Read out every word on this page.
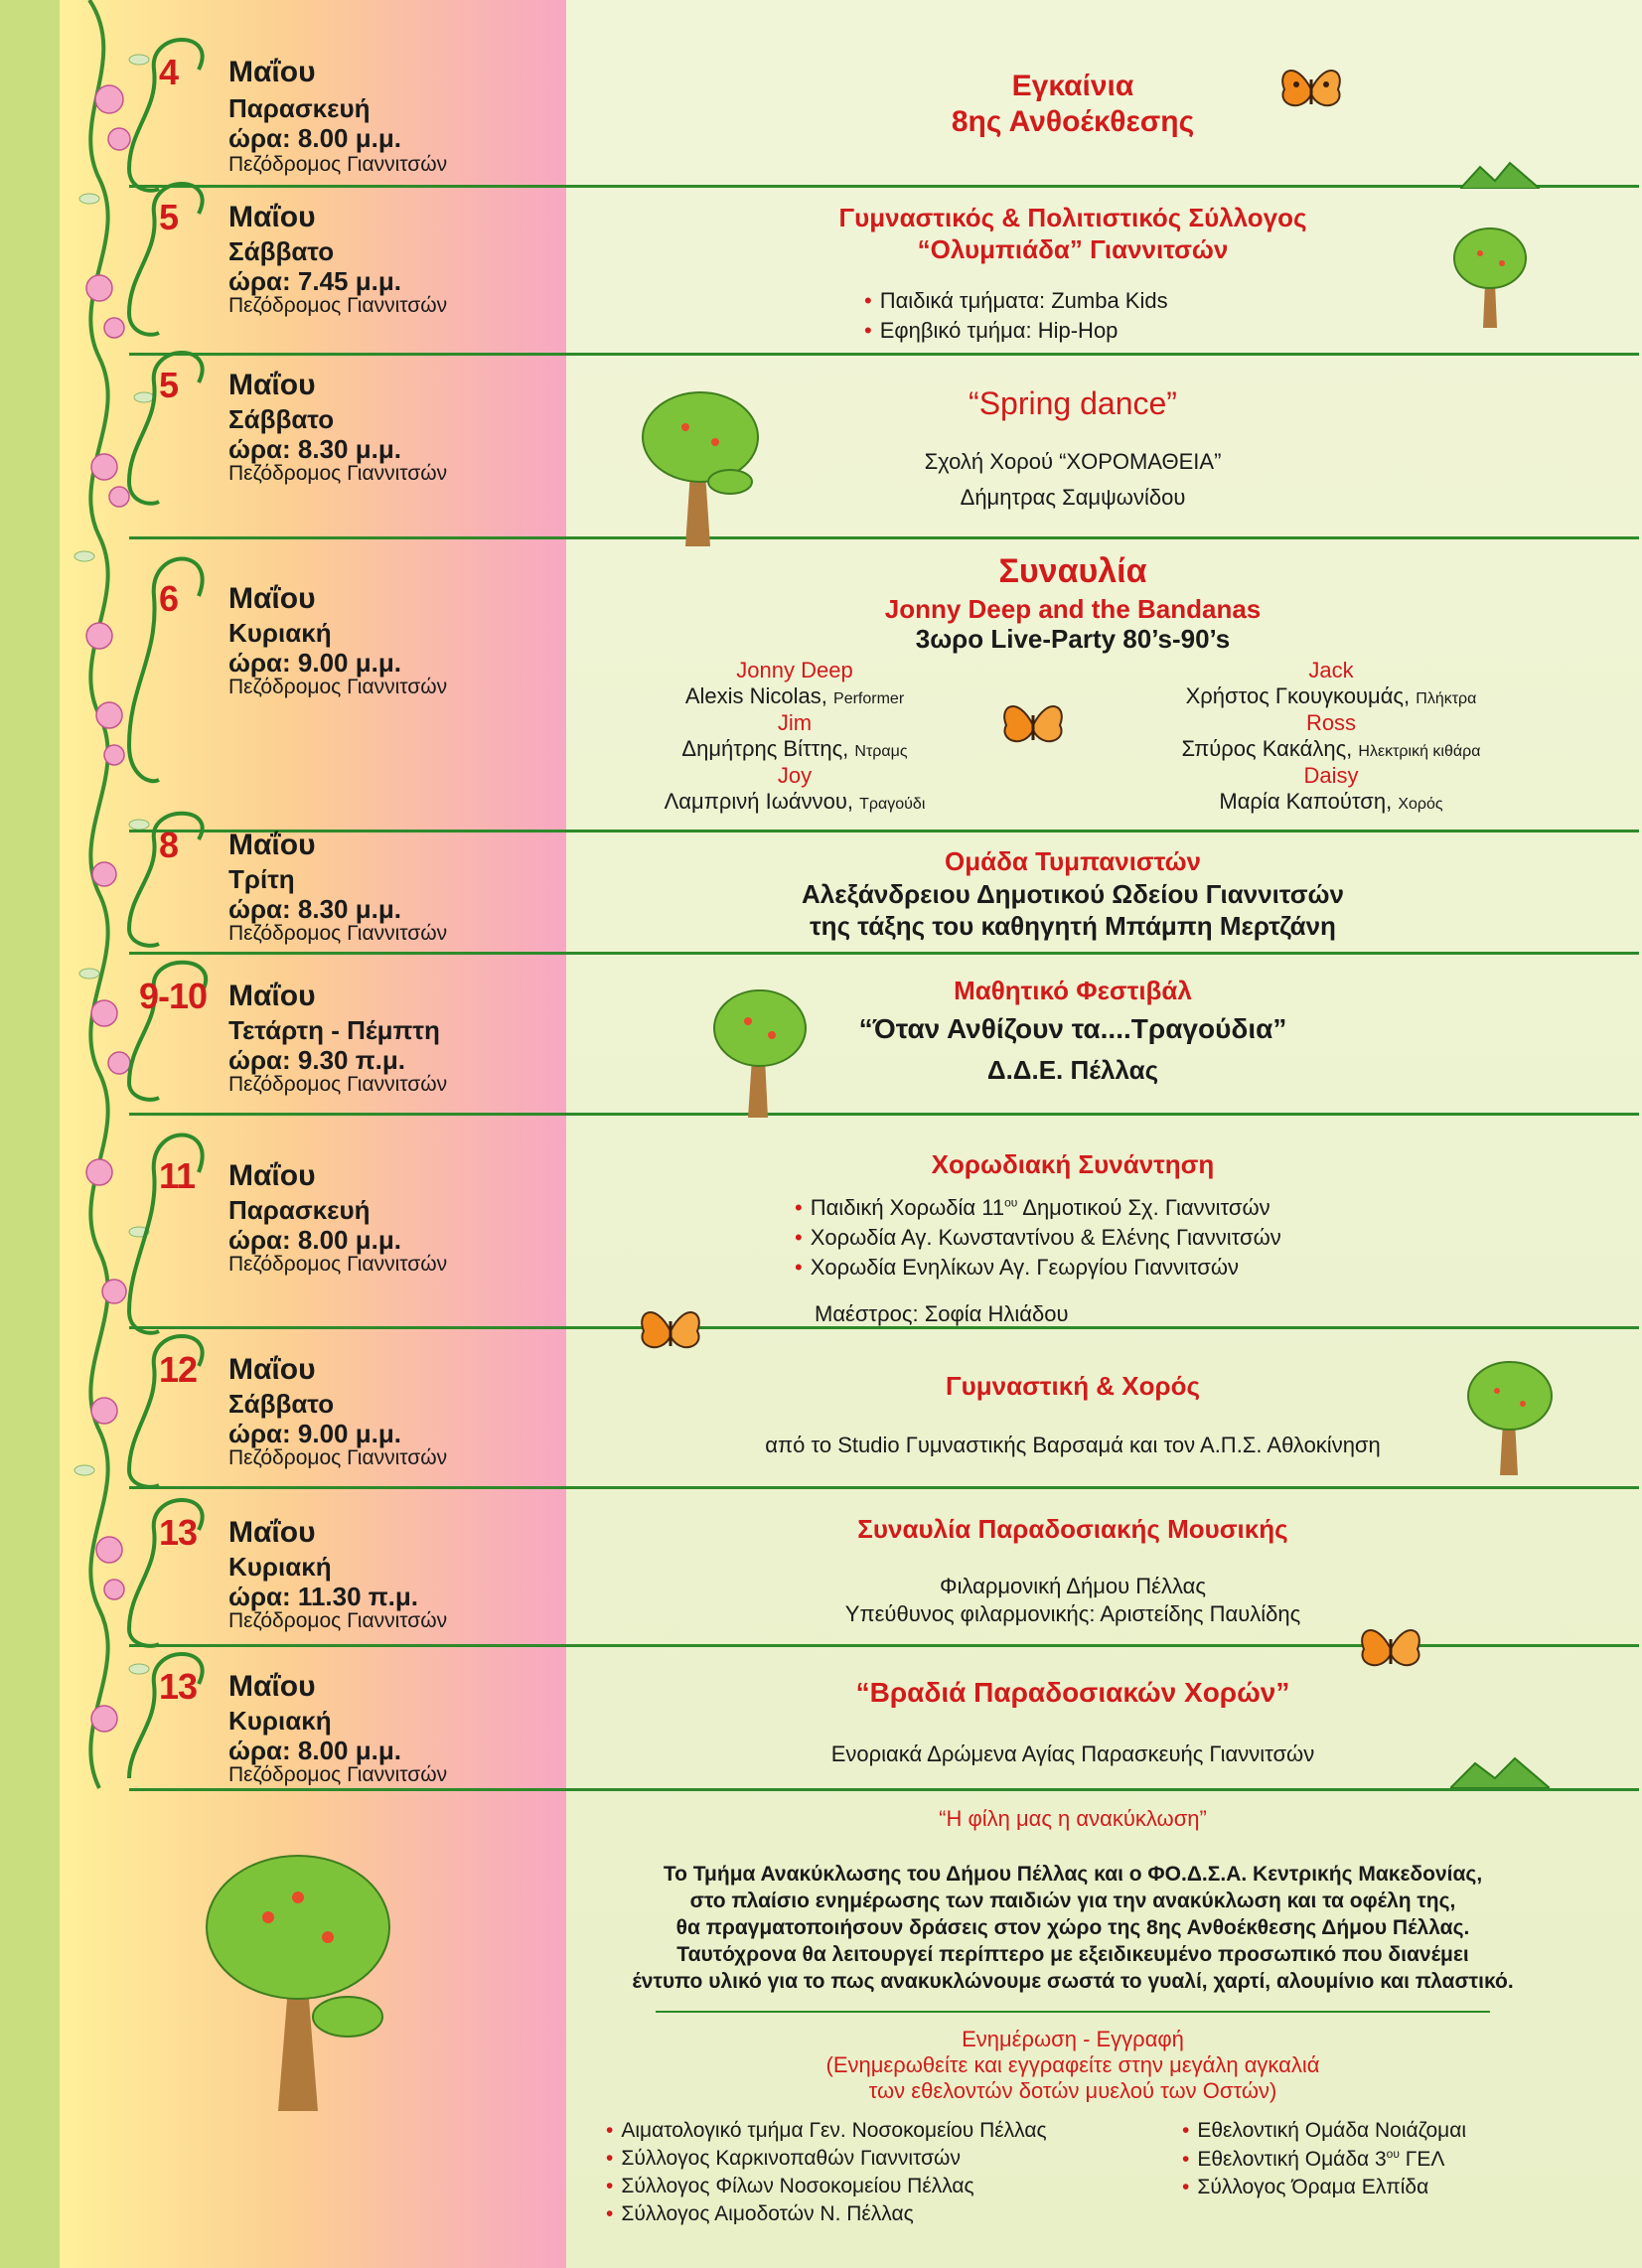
4 Μαΐου
Παρασκευή
ώρα: 8.00 μ.μ.
Πεζόδρομος Γιαννιτσών
5 Μαΐου
Σάββατο
ώρα: 7.45 μ.μ.
Πεζόδρομος Γιαννιτσών
5 Μαΐου
Σάββατο
ώρα: 8.30 μ.μ.
Πεζόδρομος Γιαννιτσών
6 Μαΐου
Κυριακή
ώρα: 9.00 μ.μ.
Πεζόδρομος Γιαννιτσών
8 Μαΐου
Τρίτη
ώρα: 8.30 μ.μ.
Πεζόδρομος Γιαννιτσών
9-10 Μαΐου
Τετάρτη - Πέμπτη
ώρα: 9.30 π.μ.
Πεζόδρομος Γιαννιτσών
11 Μαΐου
Παρασκευή
ώρα: 8.00 μ.μ.
Πεζόδρομος Γιαννιτσών
12 Μαΐου
Σάββατο
ώρα: 9.00 μ.μ.
Πεζόδρομος Γιαννιτσών
13 Μαΐου
Κυριακή
ώρα: 11.30 π.μ.
Πεζόδρομος Γιαννιτσών
13 Μαΐου
Κυριακή
ώρα: 8.00 μ.μ.
Πεζόδρομος Γιαννιτσών
Εγκαίνια
8ης Ανθοέκθεσης
Γυμναστικός & Πολιτιστικός Σύλλογος
“Ολυμπιάδα” Γιαννιτσών
• Παιδικά τμήματα: Zumba Kids
• Εφηβικό τμήμα: Hip-Hop
“Spring dance”
Σχολή Χορού “ΧΟΡΟΜΑΘΕΙΑ”
Δήμητρας Σαμψωνίδου
Συναυλία
Jonny Deep and the Bandanas
3ωρο Live-Party 80’s-90’s
Jonny Deep
Alexis Nicolas, Performer
Jim
Δημήτρης Βίττης, Ντραμς
Joy
Λαμπρινή Ιωάννου, Τραγούδι
Jack
Χρήστος Γκουγκουμάς, Πλήκτρα
Ross
Σπύρος Κακάλης, Ηλεκτρική κιθάρα
Daisy
Μαρία Καπούτση, Χορός
Ομάδα Τυμπανιστών
Αλεξάνδρειου Δημοτικού Ωδείου Γιαννιτσών
της τάξης του καθηγητή Μπάμπη Μερτζάνη
Μαθητικό Φεστιβάλ
“Όταν Ανθίζουν τα....Τραγούδια”
Δ.Δ.Ε. Πέλλας
Χορωδιακή Συνάντηση
• Παιδική Χορωδία $11^{o\upsilon}$ Δημοτικού Σχ. Γιαννιτσών
• Χορωδία Αγ. Κωνσταντίνου & Ελένης Γιαννιτσών
• Χορωδία Ενηλίκων Αγ. Γεωργίου Γιαννιτσών
Μαέστρος: Σοφία Ηλιάδου
Γυμναστική & Χορός
από το Studio Γυμναστικής Βαρσαμά και τον Α.Π.Σ. Αθλοκίνηση
Συναυλία Παραδοσιακής Μουσικής
Φιλαρμονική Δήμου Πέλλας
Υπεύθυνος φιλαρμονικής: Αριστείδης Παυλίδης
“Βραδιά Παραδοσιακών Χορών”
Ενοριακά Δρώμενα Αγίας Παρασκευής Γιαννιτσών
“Η φίλη μας η ανακύκλωση”
Το Τμήμα Ανακύκλωσης του Δήμου Πέλλας και ο ΦΟ.Δ.Σ.Α. Κεντρικής Μακεδονίας,
στο πλαίσιο ενημέρωσης των παιδιών για την ανακύκλωση και τα οφέλη της,
θα πραγματοποιήσουν δράσεις στον χώρο της 8ης Ανθοέκθεσης Δήμου Πέλλας.
Ταυτόχρονα θα λειτουργεί περίπτερο με εξειδικευμένο προσωπικό που διανέμει
έντυπο υλικό για το πως ανακυκλώνουμε σωστά το γυαλί, χαρτί, αλουμίνιο και πλαστικό.
Ενημέρωση - Εγγραφή
(Ενημερωθείτε και εγγραφείτε στην μεγάλη αγκαλιά
των εθελοντών δοτών μυελού των Οστών)
• Αιματολογικό τμήμα Γεν. Νοσοκομείου Πέλλας
• Σύλλογος Καρκινοπαθών Γιαννιτσών
• Σύλλογος Φίλων Νοσοκομείου Πέλλας
• Σύλλογος Αιμοδοτών Ν. Πέλλας
• Εθελοντική Ομάδα Νοιάζομαι
• Εθελοντική Ομάδα $3^{o\upsilon}$ ΓΕΛ
• Σύλλογος Όραμα Ελπίδα
